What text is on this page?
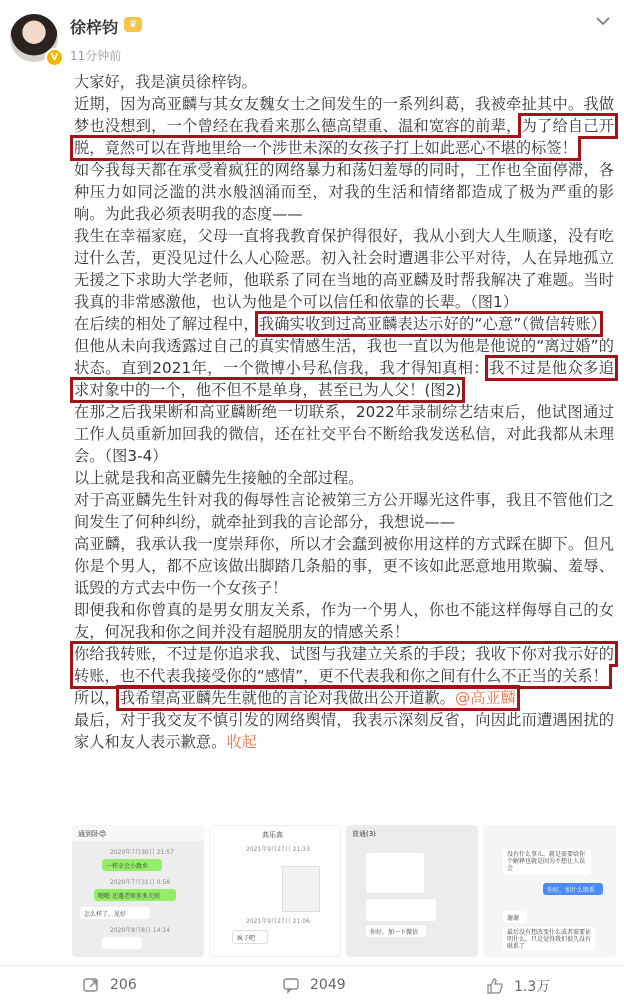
V
徐梓钧	♛
11分钟前

大家好，我是演员徐梓钧。

近期，因为高亚麟与其女友魏女士之间发生的一系列纠葛，我被牵扯其中。我做梦也没想到，一个曾经在我看来那么德高望重、温和宽容的前辈，为了给自己开脱，竟然可以在背地里给一个涉世未深的女孩子打上如此恶心不堪的标签！

如今我每天都在承受着疯狂的网络暴力和荡妇羞辱的同时，工作也全面停滞，各种压力如同泛滥的洪水般汹涌而至，对我的生活和情绪都造成了极为严重的影响。为此我必须表明我的态度——

我生在幸福家庭，父母一直将我教育保护得很好，我从小到大人生顺遂，没有吃过什么苦，更没见过什么人心险恶。初入社会时遭遇非公平对待，人在异地孤立无援之下求助大学老师，他联系了同在当地的高亚麟及时帮我解决了难题。当时我真的非常感激他，也认为他是个可以信任和依靠的长辈。（图1）

在后续的相处了解过程中，我确实收到过高亚麟表达示好的“心意”（微信转账），但他从未向我透露过自己的真实情感生活，我也一直以为他是他说的“离过婚”的状态。直到2021年，一个微博小号私信我，我才得知真相：我不过是他众多追求对象中的一个，他不但不是单身，甚至已为人父！(图2)

在那之后我果断和高亚麟断绝一切联系，2022年录制综艺结束后，他试图通过工作人员重新加回我的微信，还在社交平台不断给我发送私信，对此我都从未理会。（图3-4）

以上就是我和高亚麟先生接触的全部过程。

对于高亚麟先生针对我的侮辱性言论被第三方公开曝光这件事，我且不管他们之间发生了何种纠纷，就牵扯到我的言论部分，我想说——

高亚麟，我承认我一度崇拜你，所以才会蠢到被你用这样的方式踩在脚下。但凡你是个男人，都不应该做出脚踏几条船的事，更不该如此恶意地用欺骗、羞辱、诋毁的方式去中伤一个女孩子！

即便我和你曾真的是男女朋友关系，作为一个男人，你也不能这样侮辱自己的女友，何况我和你之间并没有超脱朋友的情感关系！

你给我转账，不过是你追求我、试图与我建立关系的手段；我收下你对我示好的转账，也不代表我接受你的“感情”，更不代表我和你之间有什么不正当的关系！

所以，我希望高亚麟先生就他的言论对我做出公开道歉。@高亚麟

最后，对于我交友不慎引发的网络舆情，我表示深刻反省，向因此而遭遇困扰的家人和友人表示歉意。收起

通到卧😊
2020年7月30日 21:57
一样幸会小敦乡
2020年7月31日 0:58
嗯嗯 还遇老师多多关照
怎么样了，见好
2020年8月8日 14:14
高乐高
2021年9月27日 21:33
2021年9月27日 21:06
疯子吧
普通(3)
你好，加一下微信
没有什么事儿，就是需要给你个解释也就是因为不想让人误会
你好，加什么联系
谢谢
最后没有想改变什么或者需要证明什么，只是觉得我们很久没有联系了
206	2049	1.3万
